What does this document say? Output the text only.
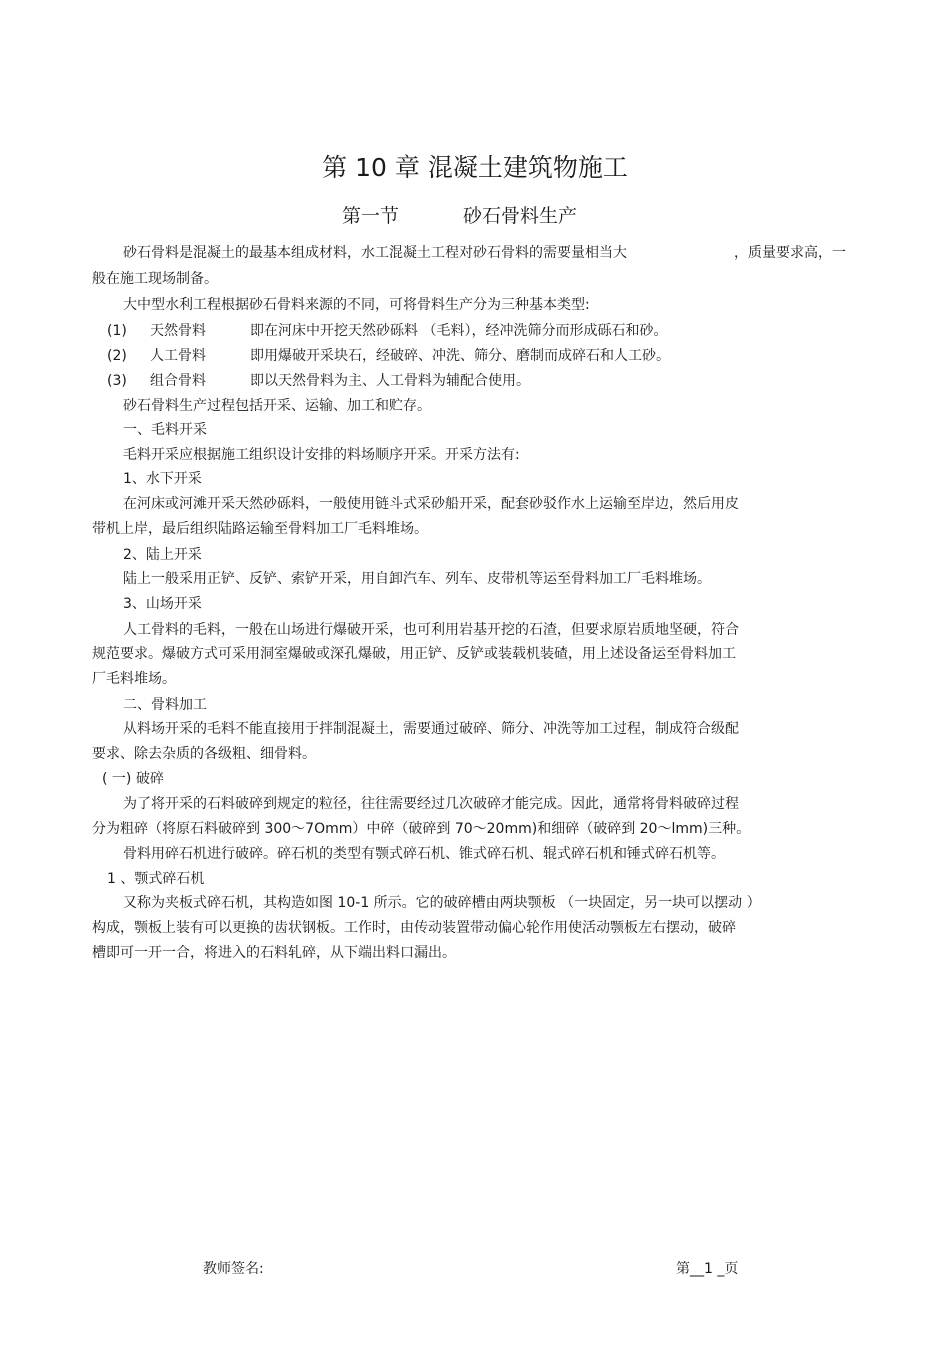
第 10 章 混凝土建筑物施工
第一节	砂石骨料生产
砂石骨料是混凝土的最基本组成材料，水工混凝土工程对砂石骨料的需要量相当大	，质量要求高，一
般在施工现场制备。
大中型水利工程根据砂石骨料来源的不同，可将骨料生产分为三种基本类型:
(1) 天然骨料	即在河床中开挖天然砂砾料 （毛料），经冲洗筛分而形成砾石和砂。
(2) 人工骨料	即用爆破开采块石，经破碎、冲洗、筛分、磨制而成碎石和人工砂。
(3) 组合骨料	即以天然骨料为主、人工骨料为辅配合使用。
砂石骨料生产过程包括开采、运输、加工和贮存。
一、毛料开采
毛料开采应根据施工组织设计安排的料场顺序开采。开采方法有:
1、水下开采
在河床或河滩开采天然砂砾料，一般使用链斗式采砂船开采，配套砂驳作水上运输至岸边，然后用皮
带机上岸，最后组织陆路运输至骨料加工厂毛料堆场。
2、陆上开采
陆上一般采用正铲、反铲、索铲开采，用自卸汽车、列车、皮带机等运至骨料加工厂毛料堆场。
3、山场开采
人工骨料的毛料，一般在山场进行爆破开采，也可利用岩基开挖的石渣，但要求原岩质地坚硬，符合
规范要求。爆破方式可采用洞室爆破或深孔爆破，用正铲、反铲或装载机装碴，用上述设备运至骨料加工
厂毛料堆场。
二、骨料加工
从料场开采的毛料不能直接用于拌制混凝土，需要通过破碎、筛分、冲洗等加工过程，制成符合级配
要求、除去杂质的各级粗、细骨料。
( 一) 破碎
为了将开采的石料破碎到规定的粒径，往往需要经过几次破碎才能完成。因此，通常将骨料破碎过程
分为粗碎（将原石料破碎到 300～7Omm）中碎（破碎到 70～20mm)和细碎（破碎到 20～lmm)三种。
骨料用碎石机进行破碎。碎石机的类型有颚式碎石机、锥式碎石机、辊式碎石机和锤式碎石机等。
1 、颚式碎石机
又称为夹板式碎石机，其构造如图 10-1 所示。它的破碎槽由两块颚板 （一块固定，另一块可以摆动 ）
构成，颚板上装有可以更换的齿状钢板。工作时，由传动装置带动偏心轮作用使活动颚板左右摆动，破碎
槽即可一开一合，将进入的石料轧碎，从下端出料口漏出。
教师签名:	第__1 _页
